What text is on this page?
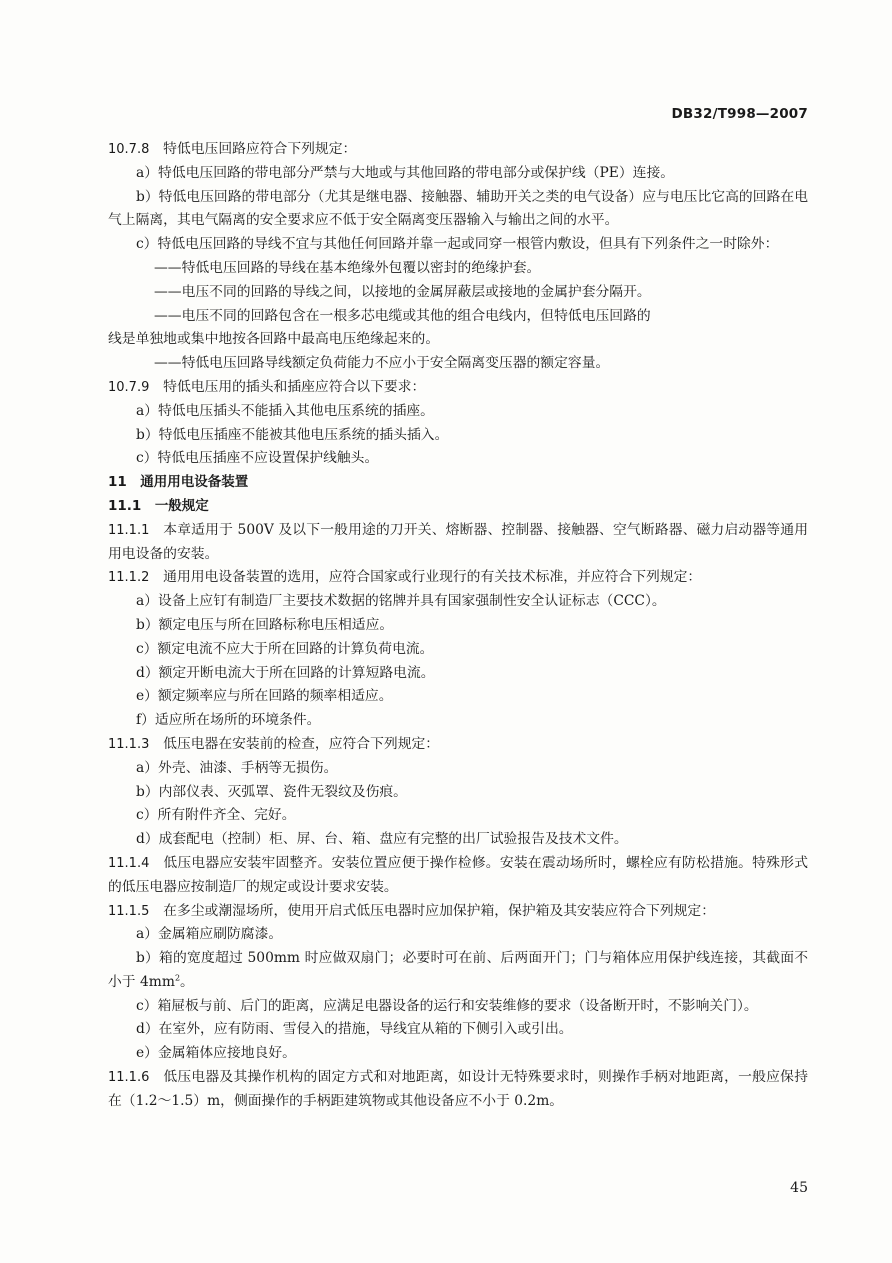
DB32/T998—2007

10.7.8  特低电压回路应符合下列规定：

a）特低电压回路的带电部分严禁与大地或与其他回路的带电部分或保护线（PE）连接。

b）特低电压回路的带电部分（尤其是继电器、接触器、辅助开关之类的电气设备）应与电压比它高的回路在电气上隔离，其电气隔离的安全要求应不低于安全隔离变压器输入与输出之间的水平。

c）特低电压回路的导线不宜与其他任何回路并靠一起或同穿一根管内敷设，但具有下列条件之一时除外：

——特低电压回路的导线在基本绝缘外包覆以密封的绝缘护套。

——电压不同的回路的导线之间，以接地的金属屏蔽层或接地的金属护套分隔开。

——电压不同的回路包含在一根多芯电缆或其他的组合电线内，但特低电压回路的

线是单独地或集中地按各回路中最高电压绝缘起来的。

——特低电压回路导线额定负荷能力不应小于安全隔离变压器的额定容量。

10.7.9  特低电压用的插头和插座应符合以下要求：

a）特低电压插头不能插入其他电压系统的插座。

b）特低电压插座不能被其他电压系统的插头插入。

c）特低电压插座不应设置保护线触头。

11  通用用电设备装置

11.1  一般规定

11.1.1  本章适用于 500V 及以下一般用途的刀开关、熔断器、控制器、接触器、空气断路器、磁力启动器等通用用电设备的安装。

11.1.2  通用用电设备装置的选用，应符合国家或行业现行的有关技术标准，并应符合下列规定：

a）设备上应钉有制造厂主要技术数据的铭牌并具有国家强制性安全认证标志（CCC）。

b）额定电压与所在回路标称电压相适应。

c）额定电流不应大于所在回路的计算负荷电流。

d）额定开断电流大于所在回路的计算短路电流。

e）额定频率应与所在回路的频率相适应。

f）适应所在场所的环境条件。

11.1.3  低压电器在安装前的检查，应符合下列规定：

a）外壳、油漆、手柄等无损伤。

b）内部仪表、灭弧罩、瓷件无裂纹及伤痕。

c）所有附件齐全、完好。

d）成套配电（控制）柜、屏、台、箱、盘应有完整的出厂试验报告及技术文件。

11.1.4  低压电器应安装牢固整齐。安装位置应便于操作检修。安装在震动场所时，螺栓应有防松措施。特殊形式的低压电器应按制造厂的规定或设计要求安装。

11.1.5  在多尘或潮湿场所，使用开启式低压电器时应加保护箱，保护箱及其安装应符合下列规定：

a）金属箱应刷防腐漆。

b）箱的宽度超过 500mm 时应做双扇门；必要时可在前、后两面开门；门与箱体应用保护线连接，其截面不小于 $4mm^2$。

c）箱屉板与前、后门的距离，应满足电器设备的运行和安装维修的要求（设备断开时，不影响关门）。

d）在室外，应有防雨、雪侵入的措施，导线宜从箱的下侧引入或引出。

e）金属箱体应接地良好。

11.1.6  低压电器及其操作机构的固定方式和对地距离，如设计无特殊要求时，则操作手柄对地距离，一般应保持在（1.2～1.5）m，侧面操作的手柄距建筑物或其他设备应不小于 0.2m。

45
